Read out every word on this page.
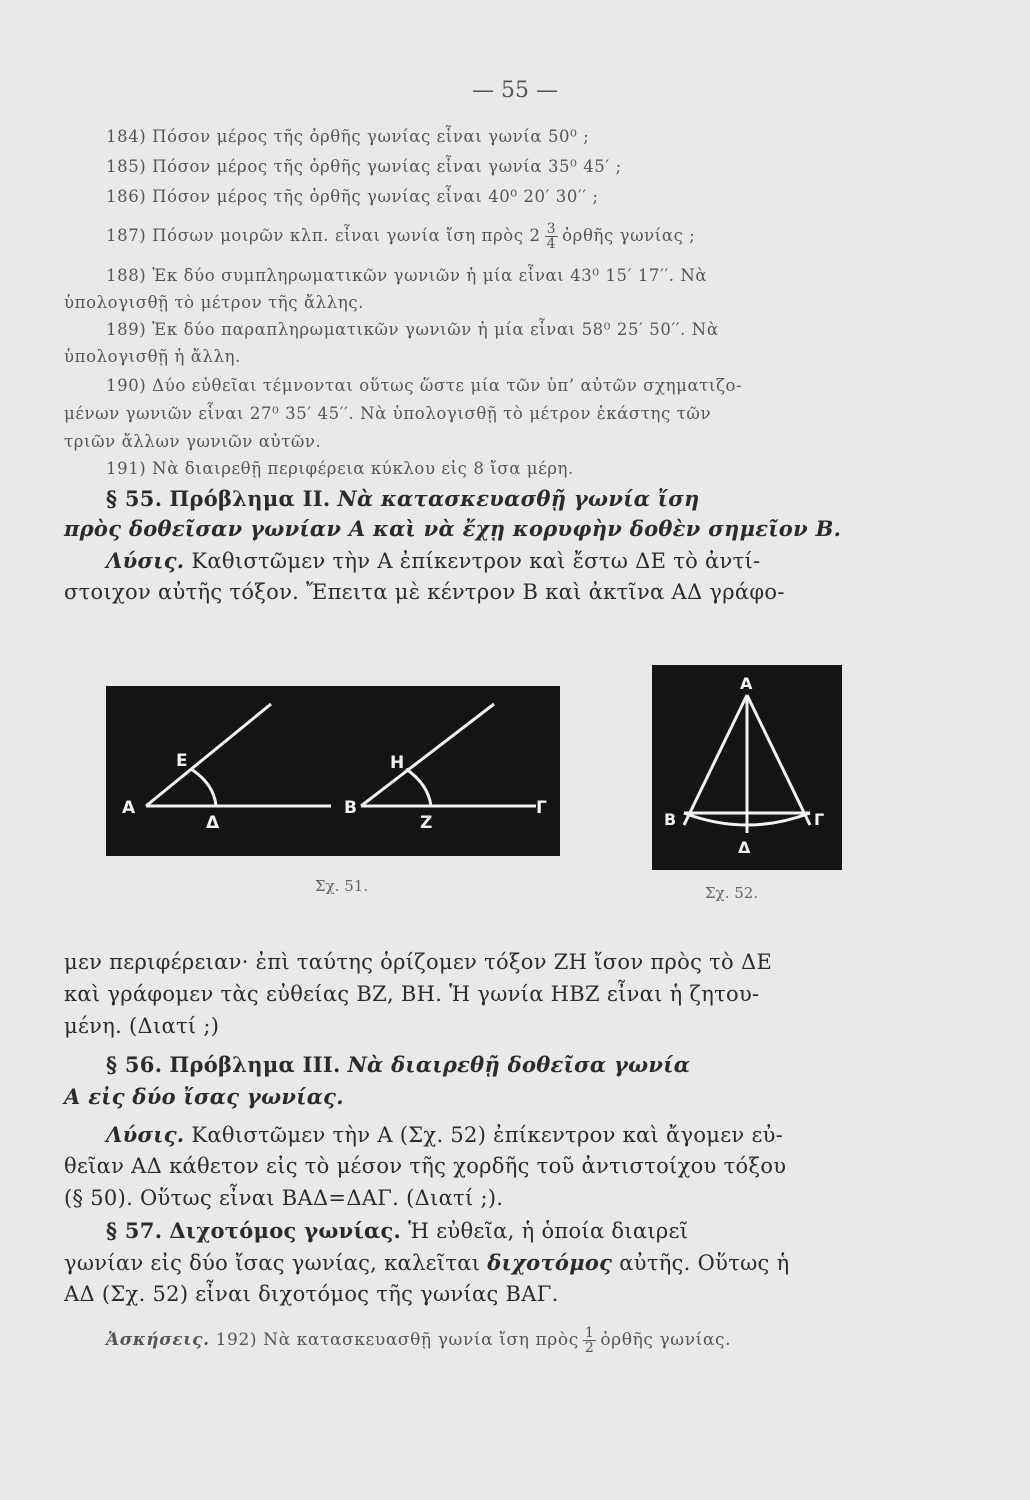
— 55 —
184) Πόσον μέρος τῆς ὀρθῆς γωνίας εἶναι γωνία 50⁰ ;
185) Πόσον μέρος τῆς ὀρθῆς γωνίας εἶναι γωνία 35⁰ 45′ ;
186) Πόσον μέρος τῆς ὀρθῆς γωνίας εἶναι 40⁰ 20′ 30′′ ;
187) Πόσων μοιρῶν κλπ. εἶναι γωνία ἴση πρὸς $2 \frac{3}{4}$ ὀρθῆς γωνίας ;
188) Ἐκ δύο συμπληρωματικῶν γωνιῶν ἡ μία εἶναι 43⁰ 15′ 17′′. Νὰ
ὑπολογισθῇ τὸ μέτρον τῆς ἄλλης.
189) Ἐκ δύο παραπληρωματικῶν γωνιῶν ἡ μία εἶναι 58⁰ 25′ 50′′. Νὰ
ὑπολογισθῇ ἡ ἄλλη.
190) Δύο εὐθεῖαι τέμνονται οὕτως ὥστε μία τῶν ὑπ’ αὐτῶν σχηματιζο-
μένων γωνιῶν εἶναι 27⁰ 35′ 45′′. Νὰ ὑπολογισθῇ τὸ μέτρον ἑκάστης τῶν
τριῶν ἄλλων γωνιῶν αὐτῶν.
191) Νὰ διαιρεθῇ περιφέρεια κύκλου εἰς 8 ἴσα μέρη.
§ 55. Πρόβλημα ΙΙ. Νὰ κατασκευασθῇ γωνία ἴση
πρὸς δοθεῖσαν γωνίαν Α καὶ νὰ ἔχῃ κορυφὴν δοθὲν σημεῖον Β.
Λύσις. Καθιστῶμεν τὴν Α ἐπίκεντρον καὶ ἔστω ΔΕ τὸ ἀντί-
στοιχον αὐτῆς τόξον. Ἔπειτα μὲ κέντρον Β καὶ ἀκτῖνα ΑΔ γράφο-
Α
Ε
Δ
Β
Η
Ζ
Γ
Σχ. 51.
Α
Β	Γ
Δ
Σχ. 52.
μεν περιφέρειαν· ἐπὶ ταύτης ὁρίζομεν τόξον ΖΗ ἴσον πρὸς τὸ ΔΕ
καὶ γράφομεν τὰς εὐθείας ΒΖ, ΒΗ. Ἡ γωνία ΗΒΖ εἶναι ἡ ζητου-
μένη. (Διατί ;)
§ 56. Πρόβλημα ΙΙΙ. Νὰ διαιρεθῇ δοθεῖσα γωνία
Α εἰς δύο ἴσας γωνίας.
Λύσις. Καθιστῶμεν τὴν Α (Σχ. 52) ἐπίκεντρον καὶ ἄγομεν εὐ-
θεῖαν ΑΔ κάθετον εἰς τὸ μέσον τῆς χορδῆς τοῦ ἀντιστοίχου τόξου
(§ 50). Οὕτως εἶναι ΒΑΔ=ΔΑΓ. (Διατί ;).
§ 57. Διχοτόμος γωνίας. Ἡ εὐθεῖα, ἡ ὁποία διαιρεῖ
γωνίαν εἰς δύο ἴσας γωνίας, καλεῖται διχοτόμος αὐτῆς. Οὕτως ἡ
ΑΔ (Σχ. 52) εἶναι διχοτόμος τῆς γωνίας ΒΑΓ.
Ἀσκήσεις. 192) Νὰ κατασκευασθῇ γωνία ἴση πρὸς $\frac{1}{2}$ ὀρθῆς γωνίας.
